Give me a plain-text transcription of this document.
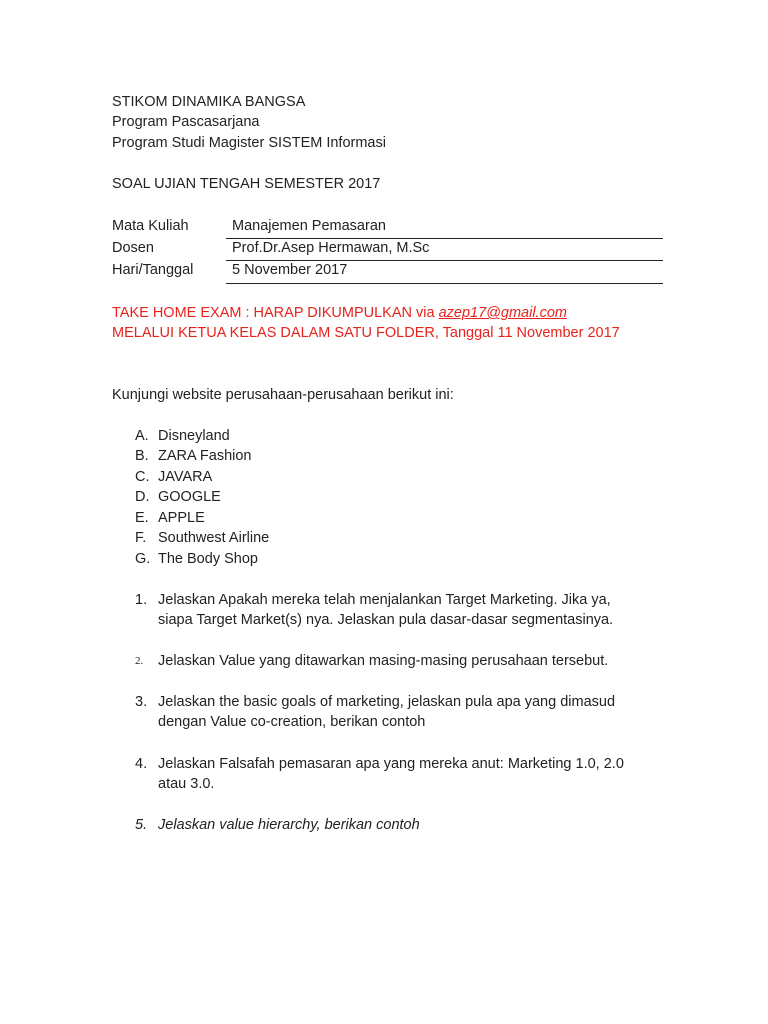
STIKOM DINAMIKA BANGSA
Program Pascasarjana
Program Studi Magister SISTEM Informasi
SOAL UJIAN TENGAH SEMESTER 2017
Mata Kuliah	Manajemen Pemasaran
Dosen	Prof.Dr.Asep Hermawan, M.Sc
Hari/Tanggal	5 November 2017
TAKE HOME EXAM : HARAP DIKUMPULKAN via azep17@gmail.com
MELALUI KETUA KELAS DALAM SATU FOLDER, Tanggal 11 November 2017
Kunjungi website perusahaan-perusahaan berikut ini:
A. Disneyland
B. ZARA Fashion
C. JAVARA
D. GOOGLE
E. APPLE
F. Southwest Airline
G. The Body Shop
1. Jelaskan Apakah mereka telah menjalankan Target Marketing. Jika ya,
siapa Target Market(s) nya. Jelaskan pula dasar-dasar segmentasinya.
2. Jelaskan Value yang ditawarkan masing-masing perusahaan tersebut.
3. Jelaskan the basic goals of marketing, jelaskan pula apa yang dimasud
dengan Value co-creation, berikan contoh
4. Jelaskan Falsafah pemasaran apa yang mereka anut: Marketing 1.0, 2.0
atau 3.0.
5. Jelaskan value hierarchy, berikan contoh
